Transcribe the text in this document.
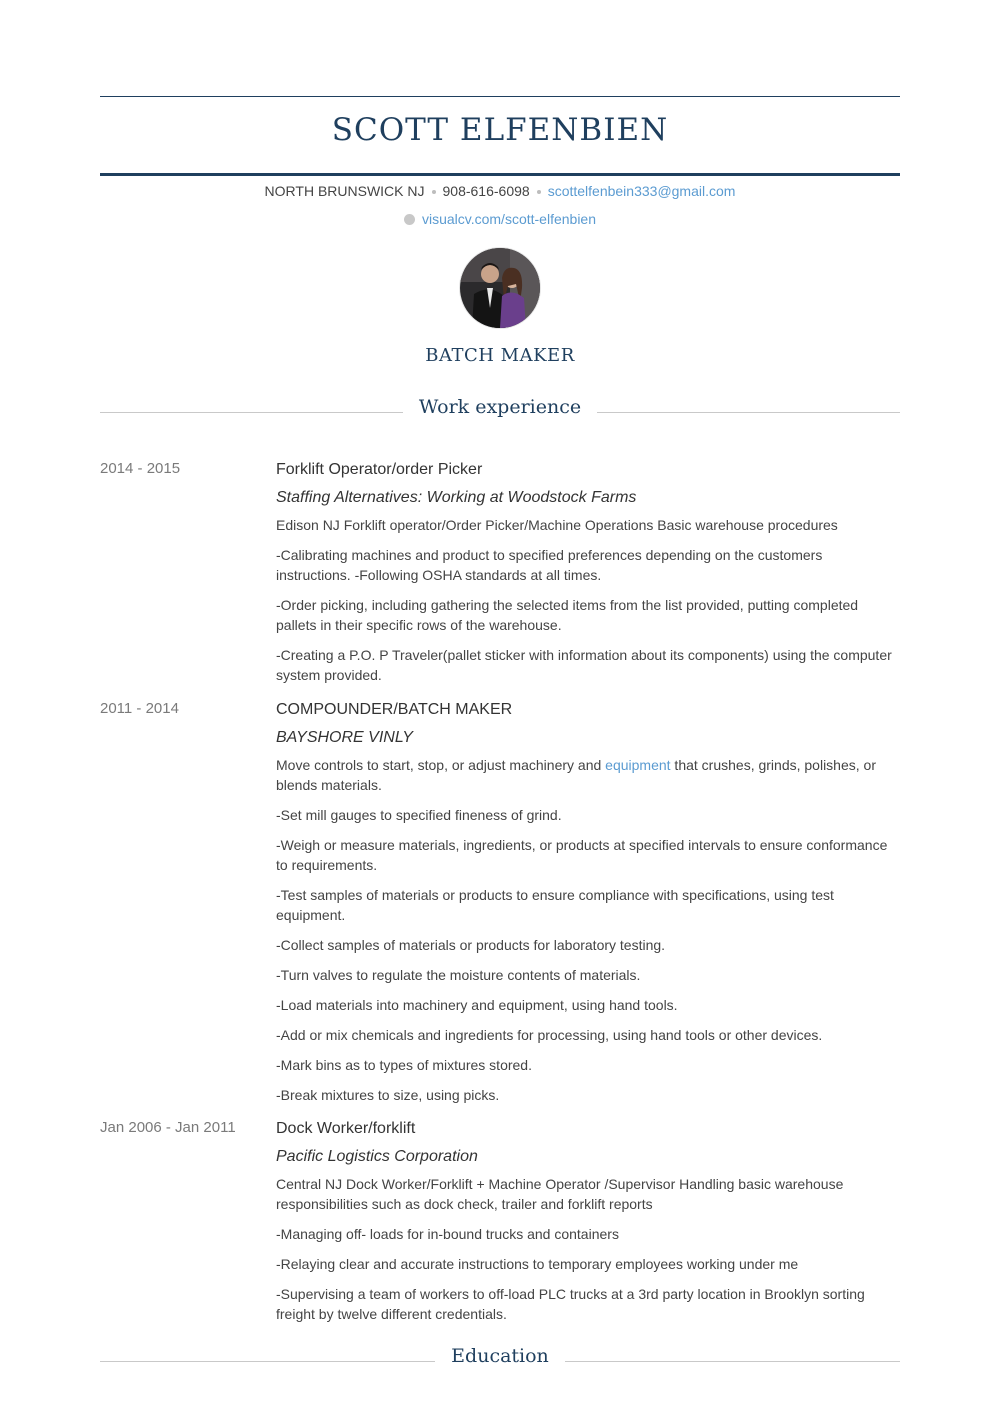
SCOTT ELFENBIEN
NORTH BRUNSWICK NJ 908-616-6098 scottelfenbein333@gmail.com
visualcv.com/scott-elfenbien
BATCH MAKER
Work experience
2014 - 2015	Forklift Operator/order Picker
Staffing Alternatives: Working at Woodstock Farms

Edison NJ Forklift operator/Order Picker/Machine Operations Basic warehouse procedures

-Calibrating machines and product to specified preferences depending on the customers instructions. -Following OSHA standards at all times.

-Order picking, including gathering the selected items from the list provided, putting completed pallets in their specific rows of the warehouse.

-Creating a P.O. P Traveler(pallet sticker with information about its components) using the computer system provided.

2011 - 2014	COMPOUNDER/BATCH MAKER
BAYSHORE VINLY

Move controls to start, stop, or adjust machinery and equipment that crushes, grinds, polishes, or blends materials.

-Set mill gauges to specified fineness of grind.

-Weigh or measure materials, ingredients, or products at specified intervals to ensure conformance to requirements.

-Test samples of materials or products to ensure compliance with specifications, using test equipment.

-Collect samples of materials or products for laboratory testing.

-Turn valves to regulate the moisture contents of materials.

-Load materials into machinery and equipment, using hand tools.

-Add or mix chemicals and ingredients for processing, using hand tools or other devices.

-Mark bins as to types of mixtures stored.

-Break mixtures to size, using picks.

Jan 2006 - Jan 2011	Dock Worker/forklift
Pacific Logistics Corporation

Central NJ Dock Worker/Forklift + Machine Operator /Supervisor Handling basic warehouse responsibilities such as dock check, trailer and forklift reports

-Managing off- loads for in-bound trucks and containers

-Relaying clear and accurate instructions to temporary employees working under me

-Supervising a team of workers to off-load PLC trucks at a 3rd party location in Brooklyn sorting freight by twelve different credentials.

Education
